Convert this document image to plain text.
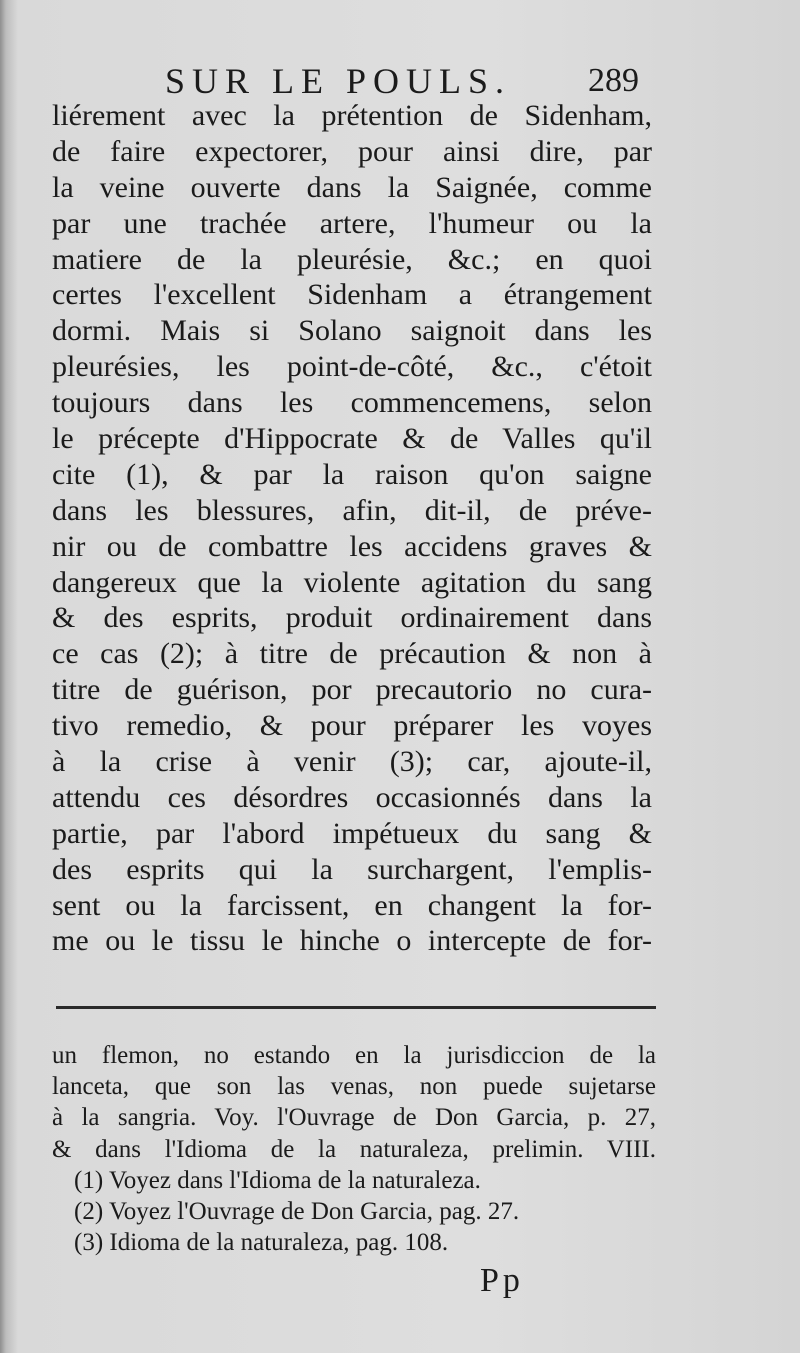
SUR LE POULS. 289
liérement avec la prétention de Sidenham,
de faire expectorer, pour ainsi dire, par
la veine ouverte dans la Saignée, comme
par une trachée artere, l'humeur ou la
matiere de la pleurésie, &c.; en quoi
certes l'excellent Sidenham a étrangement
dormi. Mais si Solano saignoit dans les
pleurésies, les point-de-côté, &c., c'étoit
toujours dans les commencemens, selon
le précepte d'Hippocrate & de Valles qu'il
cite (1), & par la raison qu'on saigne
dans les blessures, afin, dit-il, de préve-
nir ou de combattre les accidens graves &
dangereux que la violente agitation du sang
& des esprits, produit ordinairement dans
ce cas (2); à titre de précaution & non à
titre de guérison, por precautorio no cura-
tivo remedio, & pour préparer les voyes
à la crise à venir (3); car, ajoute-il,
attendu ces désordres occasionnés dans la
partie, par l'abord impétueux du sang &
des esprits qui la surchargent, l'emplis-
sent ou la farcissent, en changent la for-
me ou le tissu le hinche o intercepte de for-
un flemon, no estando en la jurisdiccion de la
lanceta, que son las venas, non puede sujetarse
à la sangria. Voy. l'Ouvrage de Don Garcia, p. 27,
& dans l'Idioma de la naturaleza, prelimin. VIII.
(1) Voyez dans l'Idioma de la naturaleza.
(2) Voyez l'Ouvrage de Don Garcia, pag. 27.
(3) Idioma de la naturaleza, pag. 108.
Pp
